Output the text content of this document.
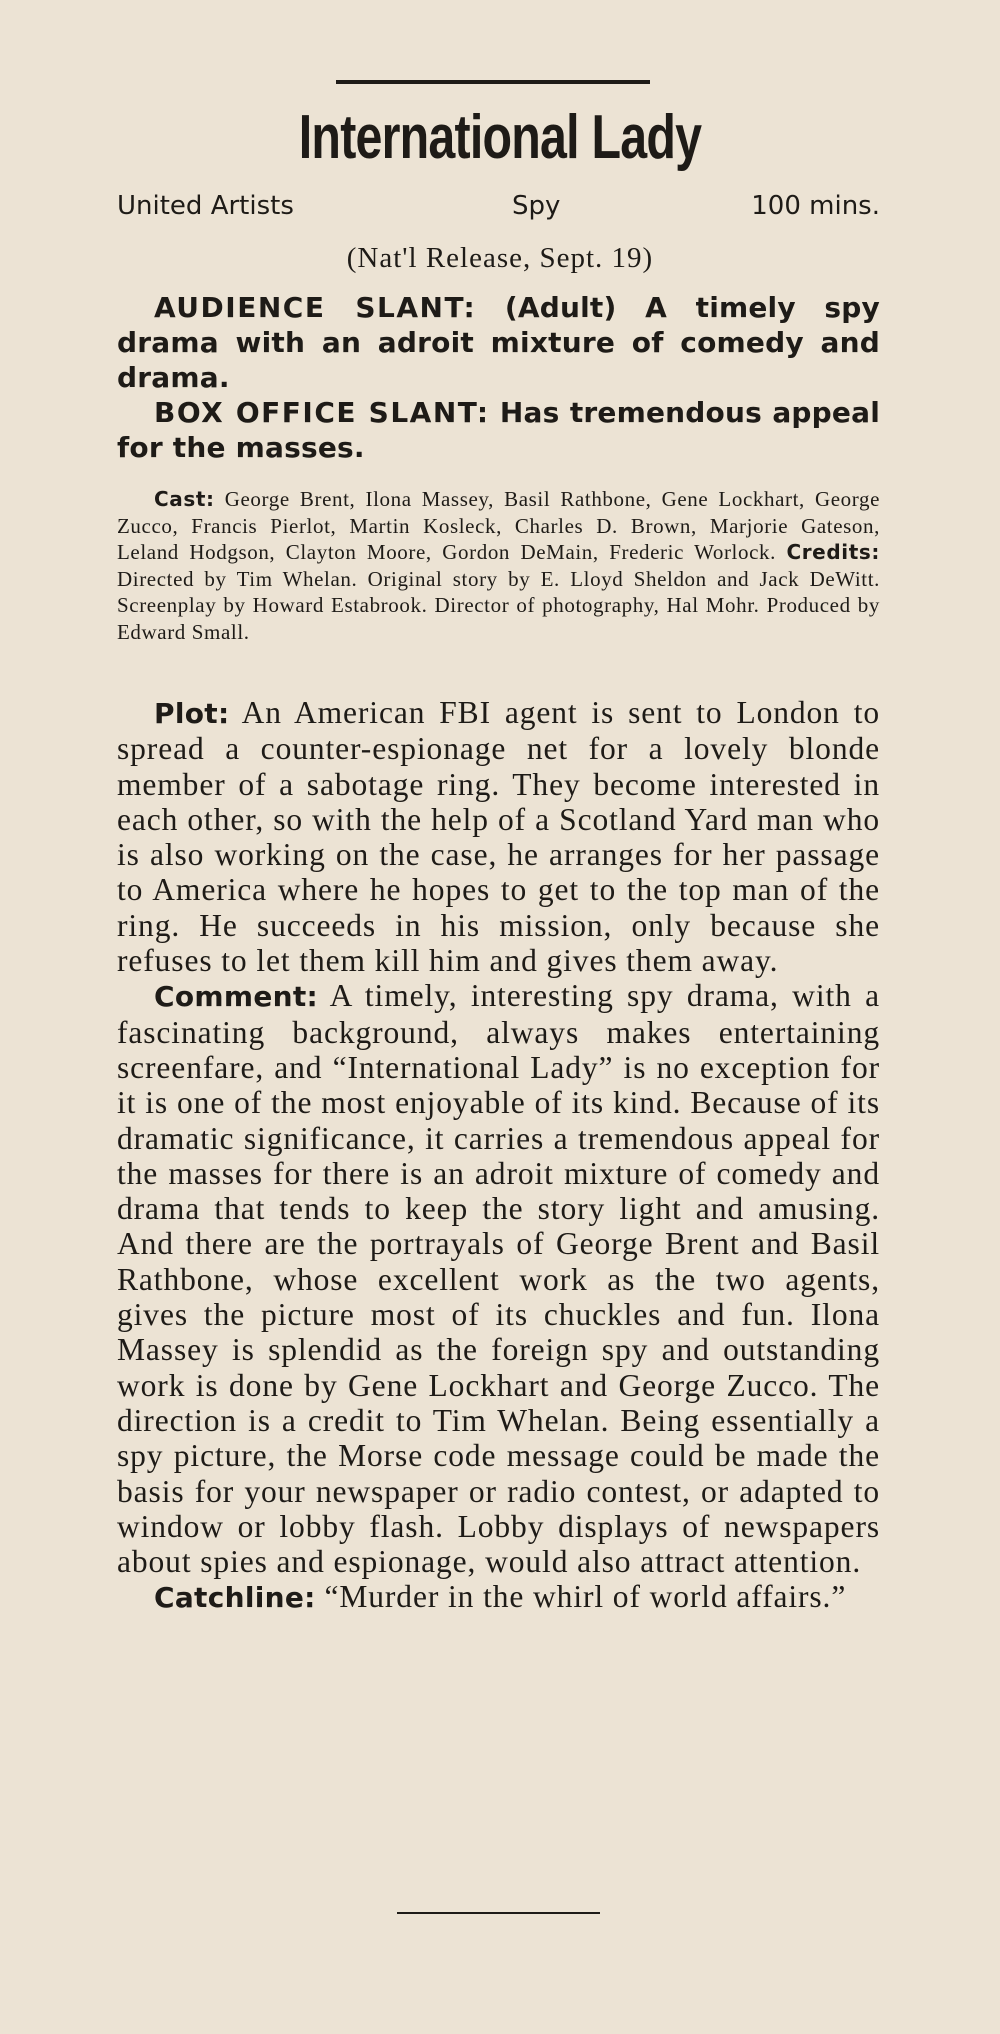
International Lady
United Artists	Spy	100 mins.
(Nat'l Release, Sept. 19)

AUDIENCE SLANT: (Adult) A timely spy drama with an adroit mixture of comedy and drama.

BOX OFFICE SLANT: Has tremendous appeal for the masses.

Cast: George Brent, Ilona Massey, Basil Rathbone, Gene Lockhart, George Zucco, Francis Pierlot, Martin Kosleck, Charles D. Brown, Marjorie Gateson, Leland Hodgson, Clayton Moore, Gordon DeMain, Frederic Worlock. Credits: Directed by Tim Whelan. Original story by E. Lloyd Sheldon and Jack DeWitt. Screenplay by Howard Estabrook. Director of photography, Hal Mohr. Produced by Edward Small.

Plot: An American FBI agent is sent to London to spread a counter-espionage net for a lovely blonde member of a sabotage ring. They become interested in each other, so with the help of a Scotland Yard man who is also working on the case, he arranges for her passage to America where he hopes to get to the top man of the ring. He succeeds in his mission, only because she refuses to let them kill him and gives them away.

Comment: A timely, interesting spy drama, with a fascinating background, always makes entertaining screenfare, and “International Lady” is no exception for it is one of the most enjoyable of its kind. Because of its dramatic significance, it carries a tremendous appeal for the masses for there is an adroit mixture of comedy and drama that tends to keep the story light and amusing. And there are the portrayals of George Brent and Basil Rathbone, whose excellent work as the two agents, gives the picture most of its chuckles and fun. Ilona Massey is splendid as the foreign spy and outstanding work is done by Gene Lockhart and George Zucco. The direction is a credit to Tim Whelan. Being essentially a spy picture, the Morse code message could be made the basis for your newspaper or radio contest, or adapted to window or lobby flash. Lobby displays of newspapers about spies and espionage, would also attract attention.

Catchline: “Murder in the whirl of world affairs.”
